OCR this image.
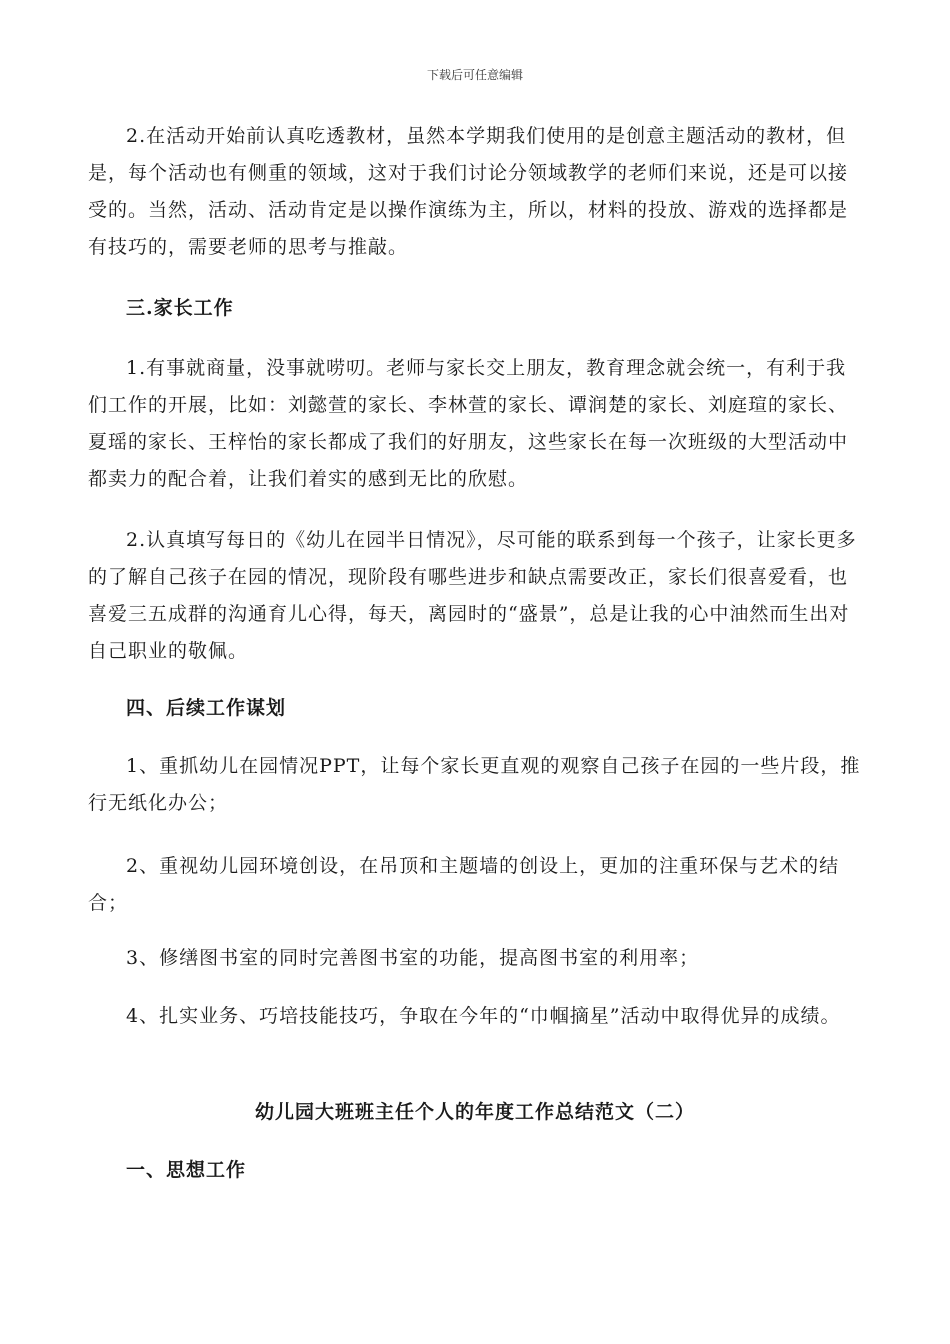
下载后可任意编辑

2.在活动开始前认真吃透教材，虽然本学期我们使用的是创意主题活动的教材，但是，每个活动也有侧重的领域，这对于我们讨论分领域教学的老师们来说，还是可以接受的。当然，活动、活动肯定是以操作演练为主，所以，材料的投放、游戏的选择都是有技巧的，需要老师的思考与推敲。

三.家长工作

1.有事就商量，没事就唠叨。老师与家长交上朋友，教育理念就会统一，有利于我们工作的开展，比如：刘懿萱的家长、李林萱的家长、谭润楚的家长、刘庭瑄的家长、夏瑶的家长、王梓怡的家长都成了我们的好朋友，这些家长在每一次班级的大型活动中都卖力的配合着，让我们着实的感到无比的欣慰。

2.认真填写每日的《幼儿在园半日情况》，尽可能的联系到每一个孩子，让家长更多的了解自己孩子在园的情况，现阶段有哪些进步和缺点需要改正，家长们很喜爱看，也喜爱三五成群的沟通育儿心得，每天，离园时的“盛景”，总是让我的心中油然而生出对自己职业的敬佩。

四、后续工作谋划

1、重抓幼儿在园情况PPT，让每个家长更直观的观察自己孩子在园的一些片段，推行无纸化办公；

2、重视幼儿园环境创设，在吊顶和主题墙的创设上，更加的注重环保与艺术的结合；

3、修缮图书室的同时完善图书室的功能，提高图书室的利用率；

4、扎实业务、巧培技能技巧，争取在今年的“巾帼摘星”活动中取得优异的成绩。

幼儿园大班班主任个人的年度工作总结范文（二）

一、思想工作
